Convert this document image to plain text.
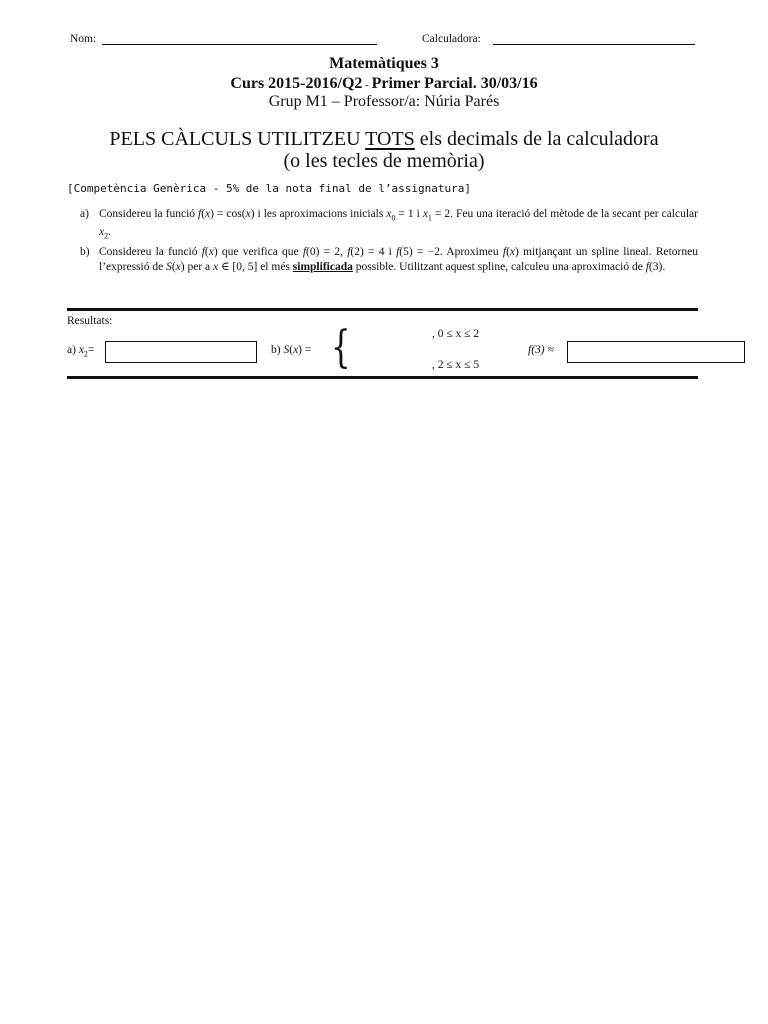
Nom:	Calculadora:
Matemàtiques 3
Curs 2015-2016/Q2 - Primer Parcial. 30/03/16
Grup M1 – Professor/a: Núria Parés
PELS CÀLCULS UTILITZEU TOTS els decimals de la calculadora
(o les tecles de memòria)
[Competència Genèrica - 5% de la nota final de l’assignatura]
a) Considereu la funció f(x) = cos(x) i les aproximacions inicials $x_0 = 1$ i $x_1 = 2$. Feu una iteració del mètode de la secant per calcular $x_2$.
b) Considereu la funció f(x) que verifica que f(0) = 2, f(2) = 4 i f(5) = −2. Aproximeu f(x) mitjançant un spline lineal. Retorneu l’expressió de S(x) per a x ∈ [0, 5] el més simplificada possible. Utilitzant aquest spline, calculeu una aproximació de f(3).
Resultats:
a) $x_2=$	b) S(x) = {	, 0 ≤ x ≤ 2
, 2 ≤ x ≤ 5
f(3) ≈
